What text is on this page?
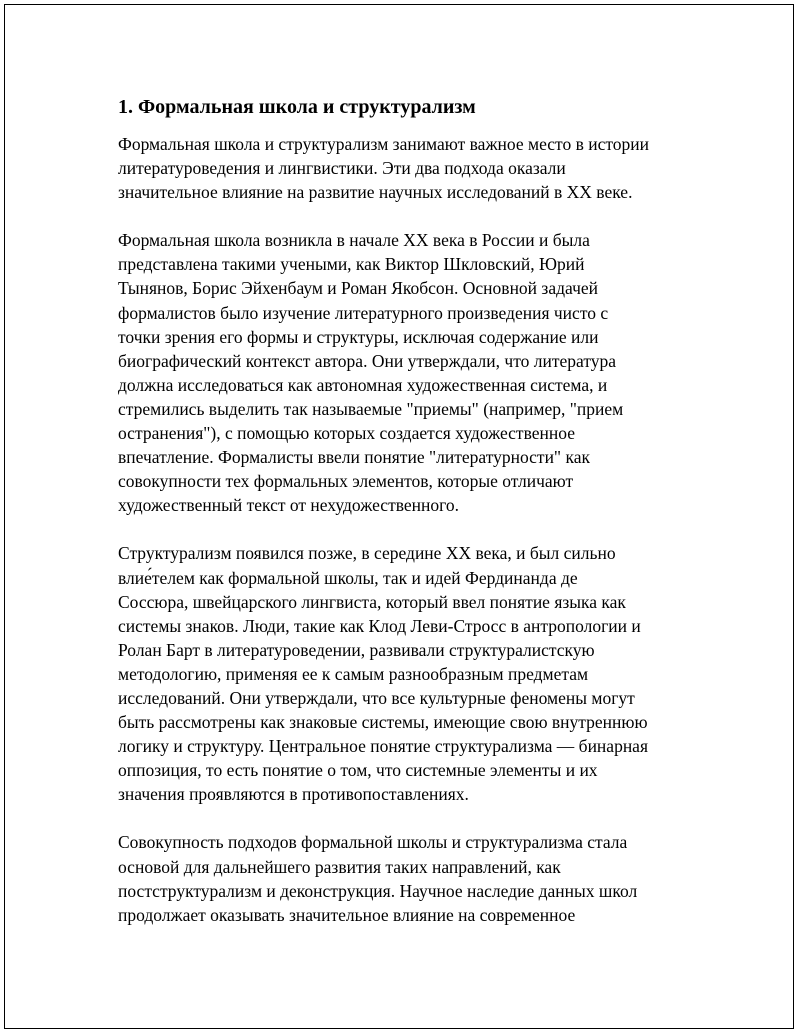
1. Формальная школа и структурализм
Формальная школа и структурализм занимают важное место в истории
литературоведения и лингвистики. Эти два подхода оказали
значительное влияние на развитие научных исследований в XX веке.
Формальная школа возникла в начале XX века в России и была
представлена такими учеными, как Виктор Шкловский, Юрий
Тынянов, Борис Эйхенбаум и Роман Якобсон. Основной задачей
формалистов было изучение литературного произведения чисто с
точки зрения его формы и структуры, исключая содержание или
биографический контекст автора. Они утверждали, что литература
должна исследоваться как автономная художественная система, и
стремились выделить так называемые "приемы" (например, "прием
остранения"), с помощью которых создается художественное
впечатление. Формалисты ввели понятие "литературности" как
совокупности тех формальных элементов, которые отличают
художественный текст от нехудожественного.
Структурализм появился позже, в середине XX века, и был сильно
влие́телем как формальной школы, так и идей Фердинанда де
Соссюра, швейцарского лингвиста, который ввел понятие языка как
системы знаков. Люди, такие как Клод Леви-Стросс в антропологии и
Ролан Барт в литературоведении, развивали структуралистскую
методологию, применяя ее к самым разнообразным предметам
исследований. Они утверждали, что все культурные феномены могут
быть рассмотрены как знаковые системы, имеющие свою внутреннюю
логику и структуру. Центральное понятие структурализма — бинарная
оппозиция, то есть понятие о том, что системные элементы и их
значения проявляются в противопоставлениях.
Совокупность подходов формальной школы и структурализма стала
основой для дальнейшего развития таких направлений, как
постструктурализм и деконструкция. Научное наследие данных школ
продолжает оказывать значительное влияние на современное
